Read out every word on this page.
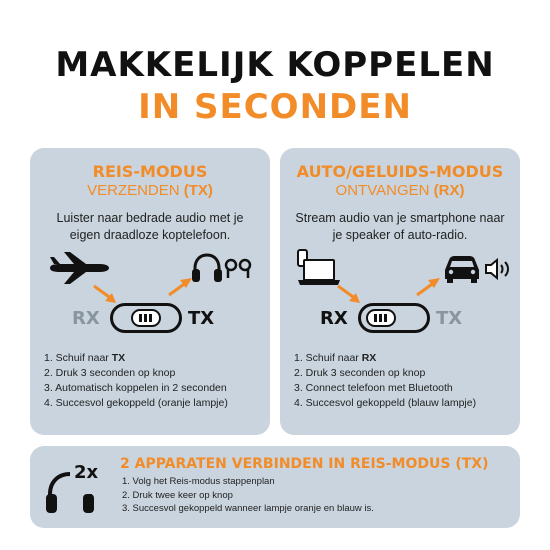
MAKKELIJK KOPPELEN
IN SECONDEN
REIS-MODUS
VERZENDEN (TX)
Luister naar bedrade audio met je eigen draadloze koptelefoon.
RX	TX
1. Schuif naar TX
2. Druk 3 seconden op knop
3. Automatisch koppelen in 2 seconden
4. Succesvol gekoppeld (oranje lampje)
AUTO/GELUIDS-MODUS
ONTVANGEN (RX)
Stream audio van je smartphone naar je speaker of auto-radio.
RX	TX
1. Schuif naar RX
2. Druk 3 seconden op knop
3. Connect telefoon met Bluetooth
4. Succesvol gekoppeld (blauw lampje)
2x 2 APPARATEN VERBINDEN IN REIS-MODUS (TX)
1. Volg het Reis-modus stappenplan
2. Druk twee keer op knop
3. Succesvol gekoppeld wanneer lampje oranje en blauw is.
